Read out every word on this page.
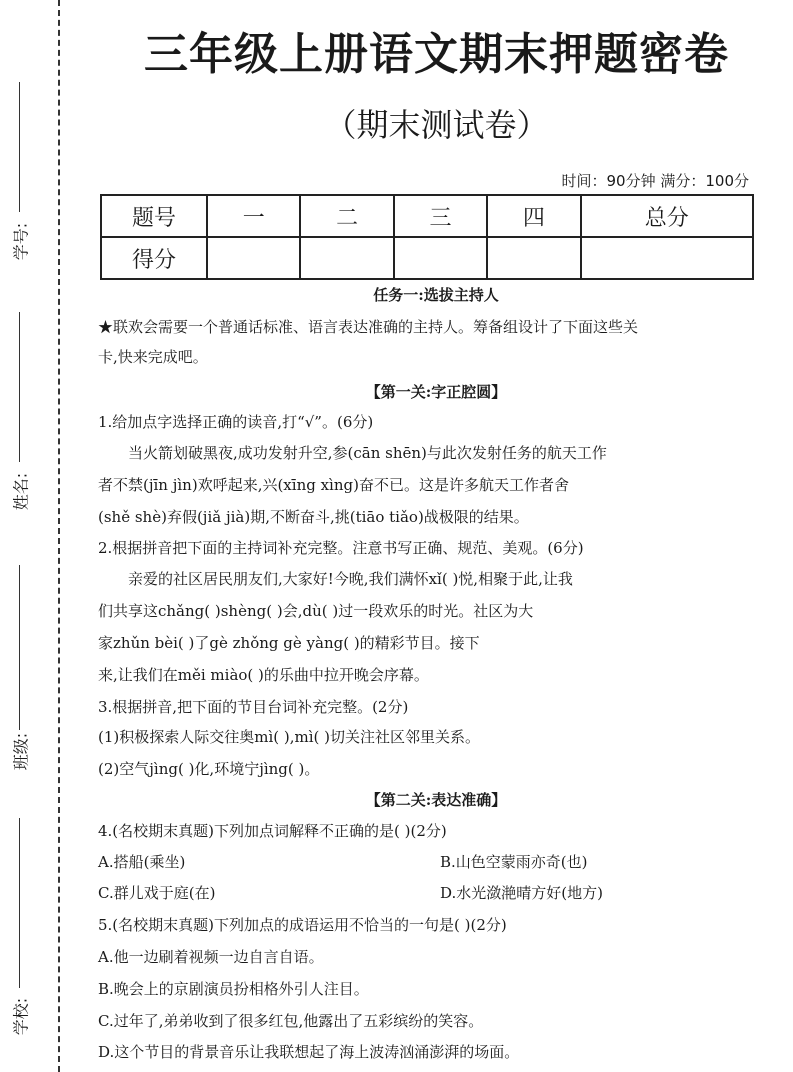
学号:
姓名:
班级:
学校:
三年级上册语文期末押题密卷
（期末测试卷）
时间：90分钟 满分：100分
题号	一	二	三	四	总分
得分					
任务一:选拔主持人
★联欢会需要一个普通话标准、语言表达准确的主持人。筹备组设计了下面这些关
卡,快来完成吧。
【第一关:字正腔圆】
1.给加点字选择正确的读音,打“√”。(6分)
当火箭划破黑夜,成功发射升空,参(cān shēn)与此次发射任务的航天工作
者不禁(jīn jìn)欢呼起来,兴(xīng xìng)奋不已。这是许多航天工作者舍
(shě shè)弃假(jiǎ jià)期,不断奋斗,挑(tiāo tiǎo)战极限的结果。
2.根据拼音把下面的主持词补充完整。注意书写正确、规范、美观。(6分)
亲爱的社区居民朋友们,大家好!今晚,我们满怀xǐ( )悦,相聚于此,让我
们共享这chǎng( )shèng( )会,dù( )过一段欢乐的时光。社区为大
家zhǔn bèi( )了gè zhǒng gè yàng( )的精彩节目。接下
来,让我们在měi miào( )的乐曲中拉开晚会序幕。
3.根据拼音,把下面的节目台词补充完整。(2分)
(1)积极探索人际交往奥mì( ),mì( )切关注社区邻里关系。
(2)空气jìng( )化,环境宁jìng( )。
【第二关:表达准确】
4.(名校期末真题)下列加点词解释不正确的是( )(2分)
A.搭船(乘坐)	B.山色空蒙雨亦奇(也)
C.群儿戏于庭(在)	D.水光潋滟晴方好(地方)
5.(名校期末真题)下列加点的成语运用不恰当的一句是( )(2分)
A.他一边刷着视频一边自言自语。
B.晚会上的京剧演员扮相格外引人注目。
C.过年了,弟弟收到了很多红包,他露出了五彩缤纷的笑容。
D.这个节目的背景音乐让我联想起了海上波涛汹涌澎湃的场面。
